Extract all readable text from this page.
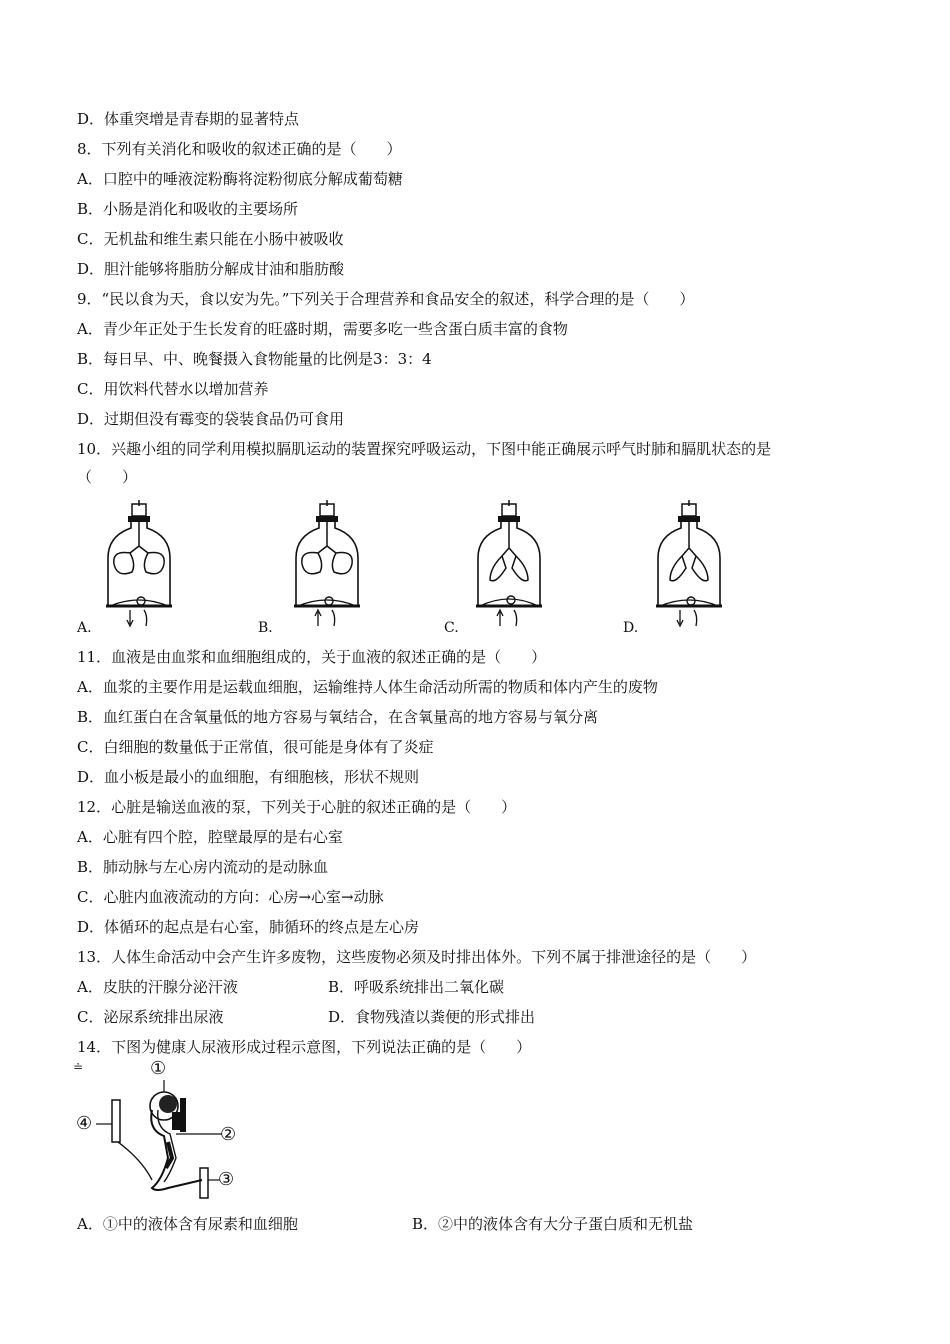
D．体重突增是青春期的显著特点
8．下列有关消化和吸收的叙述正确的是（　　）
A．口腔中的唾液淀粉酶将淀粉彻底分解成葡萄糖
B．小肠是消化和吸收的主要场所
C．无机盐和维生素只能在小肠中被吸收
D．胆汁能够将脂肪分解成甘油和脂肪酸
9．“民以食为天，食以安为先。”下列关于合理营养和食品安全的叙述，科学合理的是（　　）
A．青少年正处于生长发育的旺盛时期，需要多吃一些含蛋白质丰富的食物
B．每日早、中、晚餐摄入食物能量的比例是3：3：4
C．用饮料代替水以增加营养
D．过期但没有霉变的袋装食品仍可食用
10．兴趣小组的同学利用模拟膈肌运动的装置探究呼吸运动，下图中能正确展示呼气时肺和膈肌状态的是
（　　）
A.	B.	C.	D.
11．血液是由血浆和血细胞组成的，关于血液的叙述正确的是（　　）
A．血浆的主要作用是运载血细胞，运输维持人体生命活动所需的物质和体内产生的废物
B．血红蛋白在含氧量低的地方容易与氧结合，在含氧量高的地方容易与氧分离
C．白细胞的数量低于正常值，很可能是身体有了炎症
D．血小板是最小的血细胞，有细胞核，形状不规则
12．心脏是输送血液的泵，下列关于心脏的叙述正确的是（　　）
A．心脏有四个腔，腔壁最厚的是右心室
B．肺动脉与左心房内流动的是动脉血
C．心脏内血液流动的方向：心房→心室→动脉
D．体循环的起点是右心室，肺循环的终点是左心房
13．人体生命活动中会产生许多废物，这些废物必须及时排出体外。下列不属于排泄途径的是（　　）
A．皮肤的汗腺分泌汗液	B．呼吸系统排出二氧化碳
C．泌尿系统排出尿液	D．食物残渣以粪便的形式排出
14．下图为健康人尿液形成过程示意图，下列说法正确的是（　　）
≐	①
②
③
④
A．①中的液体含有尿素和血细胞	B．②中的液体含有大分子蛋白质和无机盐
